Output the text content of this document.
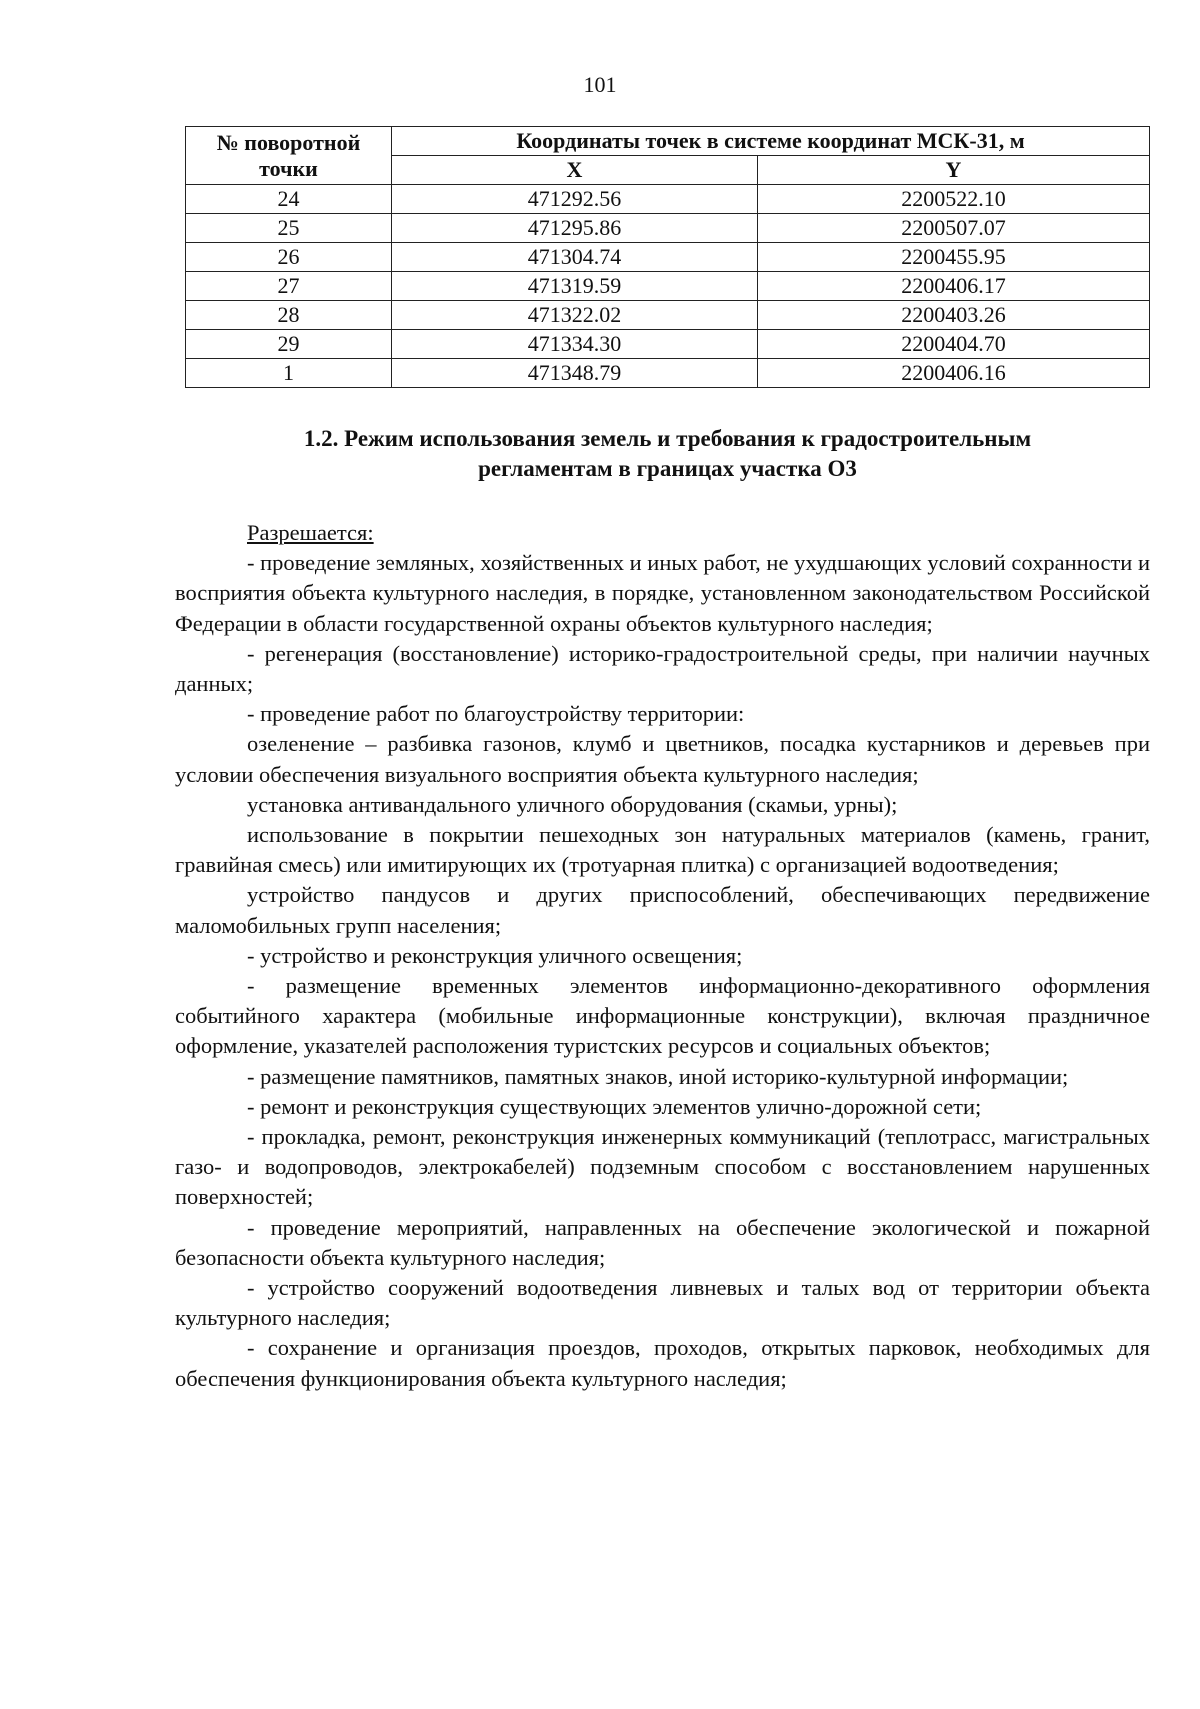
101
№ поворотной точки	Координаты точек в системе координат МСК-31, м	
	X	Y
24	471292.56	2200522.10
25	471295.86	2200507.07
26	471304.74	2200455.95
27	471319.59	2200406.17
28	471322.02	2200403.26
29	471334.30	2200404.70
1	471348.79	2200406.16
1.2. Режим использования земель и требования к градостроительным
регламентам в границах участка О3

Разрешается:

- проведение земляных, хозяйственных и иных работ, не ухудшающих условий сохранности и восприятия объекта культурного наследия, в порядке, установленном законодательством Российской Федерации в области государственной охраны объектов культурного наследия;

- регенерация (восстановление) историко-градостроительной среды, при наличии научных данных;

- проведение работ по благоустройству территории:

озеленение – разбивка газонов, клумб и цветников, посадка кустарников и деревьев при условии обеспечения визуального восприятия объекта культурного наследия;

установка антивандального уличного оборудования (скамьи, урны);

использование в покрытии пешеходных зон натуральных материалов (камень, гранит, гравийная смесь) или имитирующих их (тротуарная плитка) с организацией водоотведения;

устройство пандусов и других приспособлений, обеспечивающих передвижение маломобильных групп населения;

- устройство и реконструкция уличного освещения;

- размещение временных элементов информационно-декоративного оформления событийного характера (мобильные информационные конструкции), включая праздничное оформление, указателей расположения туристских ресурсов и социальных объектов;

- размещение памятников, памятных знаков, иной историко-культурной информации;

- ремонт и реконструкция существующих элементов улично-дорожной сети;

- прокладка, ремонт, реконструкция инженерных коммуникаций (теплотрасс, магистральных газо- и водопроводов, электрокабелей) подземным способом с восстановлением нарушенных поверхностей;

- проведение мероприятий, направленных на обеспечение экологической и пожарной безопасности объекта культурного наследия;

- устройство сооружений водоотведения ливневых и талых вод от территории объекта культурного наследия;

- сохранение и организация проездов, проходов, открытых парковок, необходимых для обеспечения функционирования объекта культурного наследия;
